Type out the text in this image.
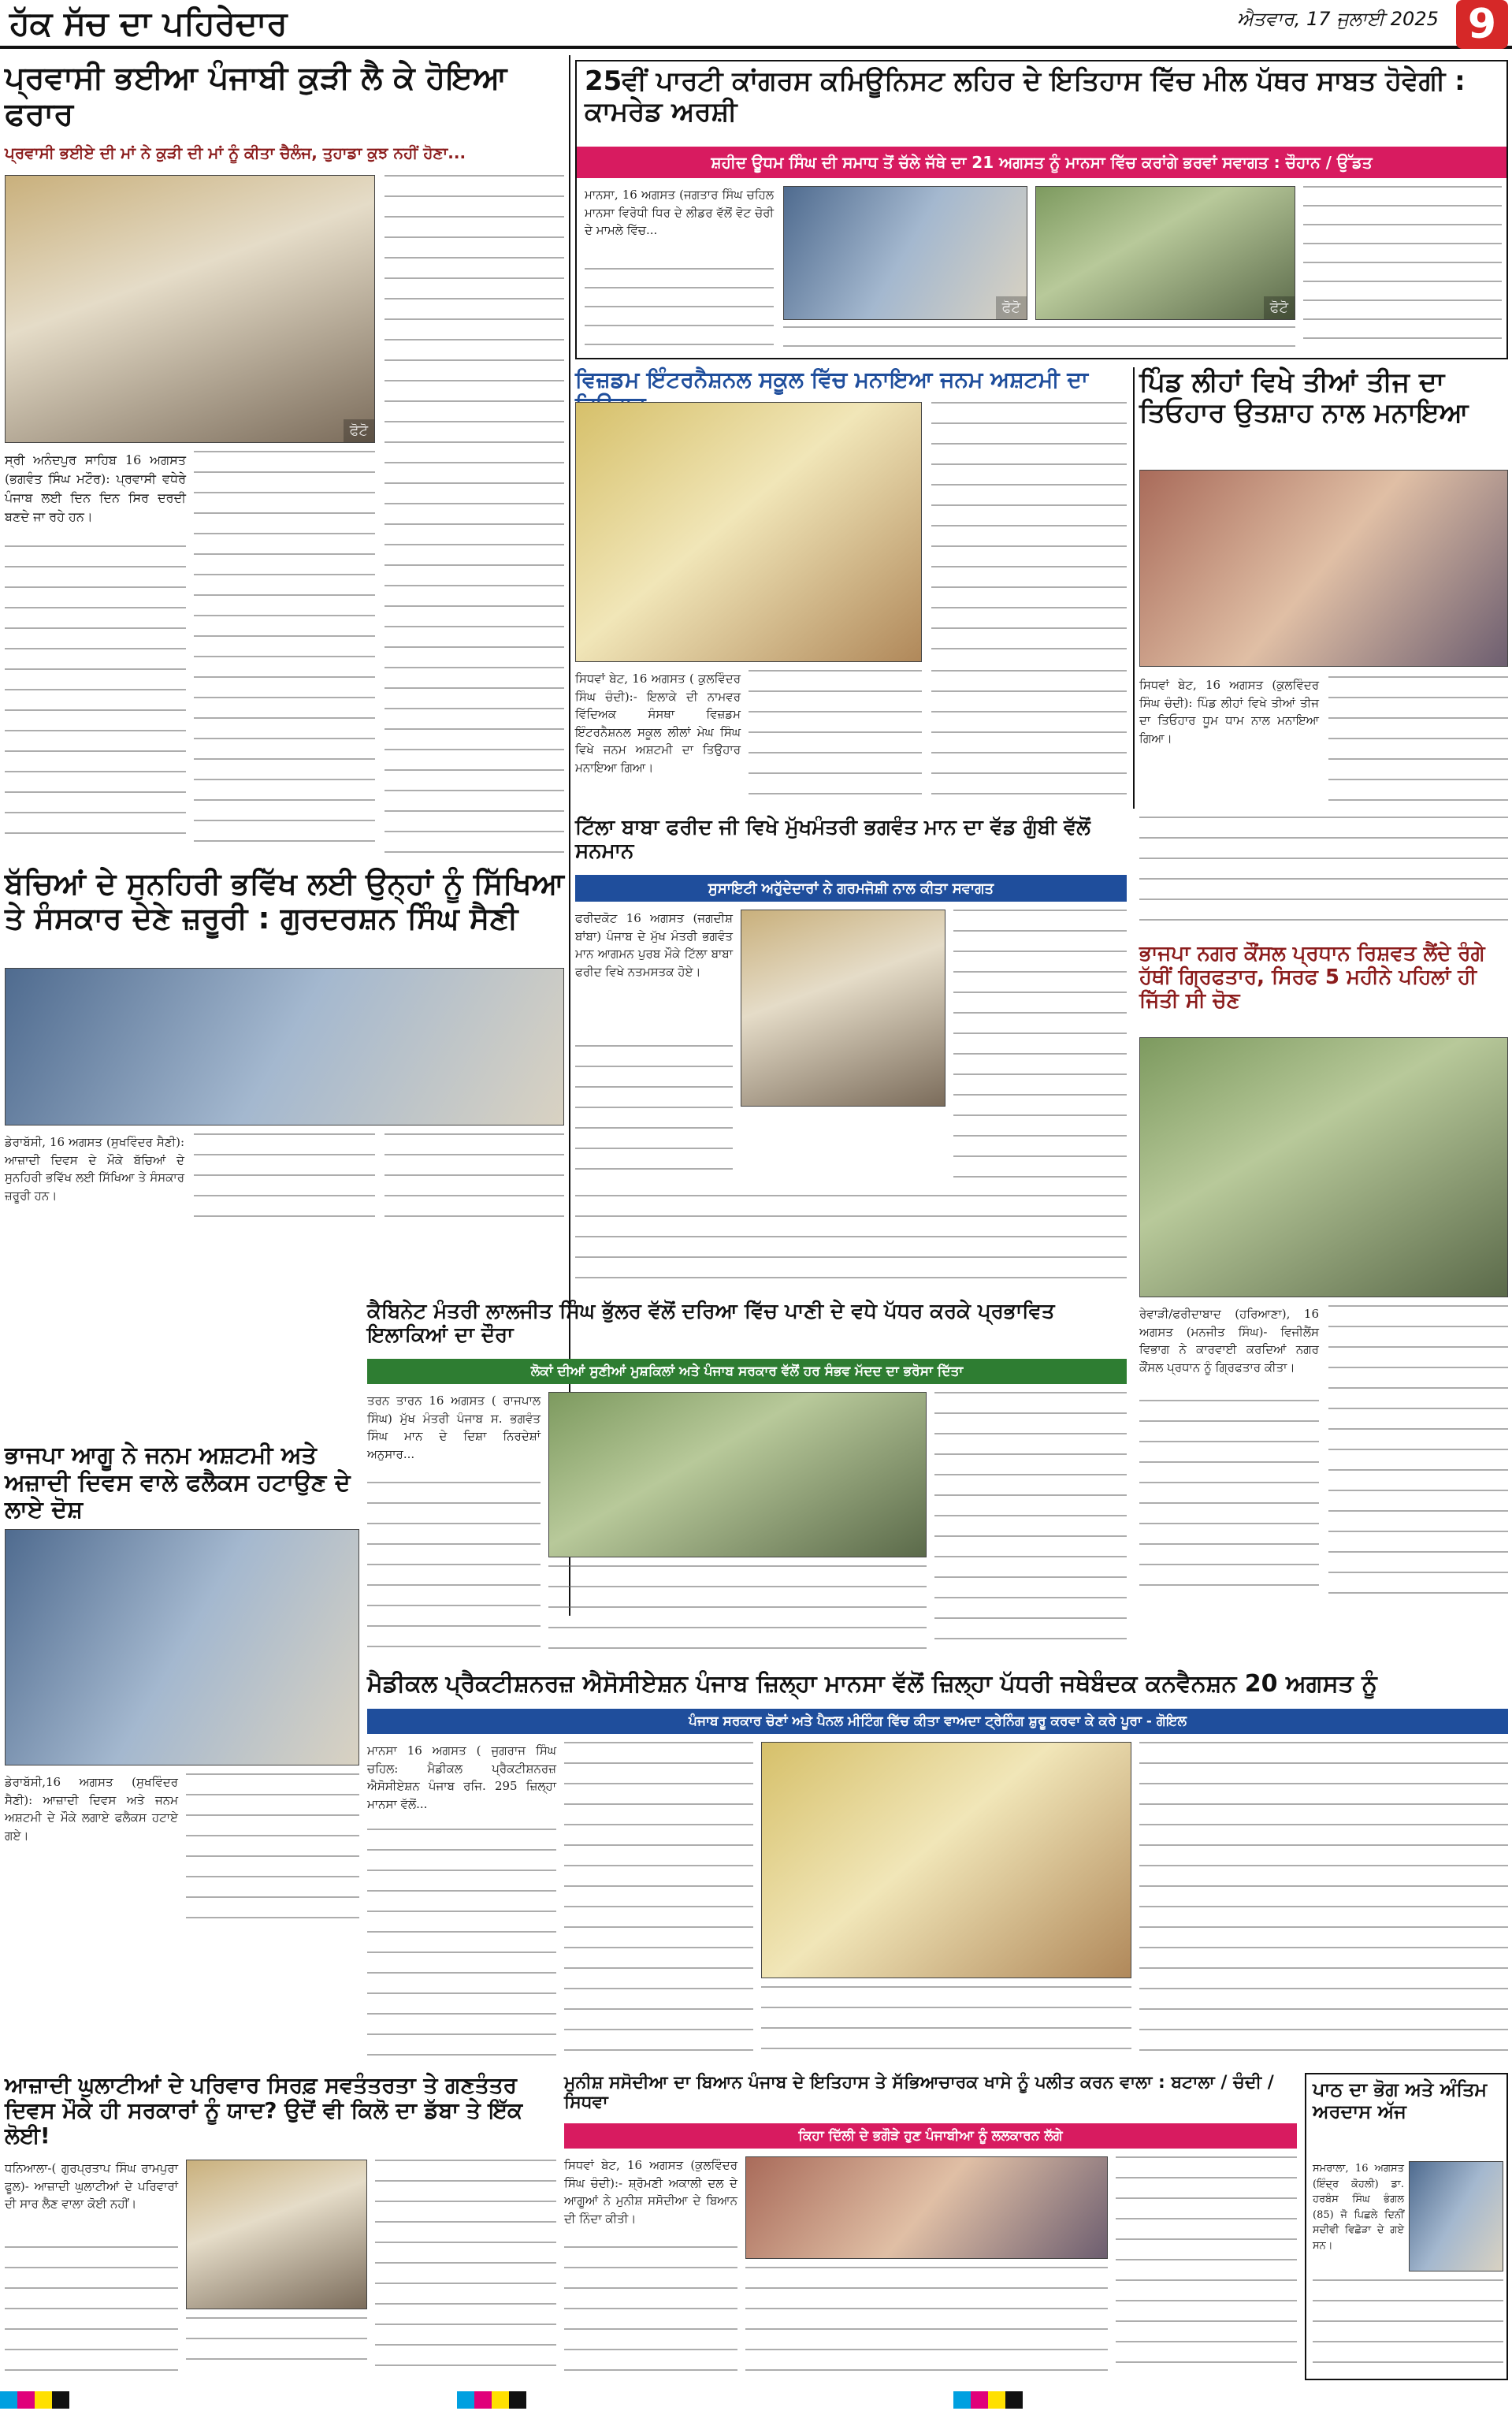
ਹੱਕ ਸੱਚ ਦਾ ਪਹਿਰੇਦਾਰ	ਐਤਵਾਰ, 17 ਜੁਲਾਈ 2025 9
ਪ੍ਰਵਾਸੀ ਭਈਆ ਪੰਜਾਬੀ ਕੁੜੀ ਲੈ ਕੇ ਹੋਇਆ ਫਰਾਰ
ਪ੍ਰਵਾਸੀ ਭਈਏ ਦੀ ਮਾਂ ਨੇ ਕੁੜੀ ਦੀ ਮਾਂ ਨੂੰ ਕੀਤਾ ਚੈਲੰਜ, ਤੁਹਾਡਾ ਕੁਝ ਨਹੀਂ ਹੋਣਾ...
ਫੋਟੋ
ਸ੍ਰੀ ਅਨੰਦਪੁਰ ਸਾਹਿਬ 16 ਅਗਸਤ (ਭਗਵੰਤ ਸਿੰਘ ਮਟੌਰ): ਪ੍ਰਵਾਸੀ ਵਧੇਰੇ ਪੰਜਾਬ ਲਈ ਦਿਨ ਦਿਨ ਸਿਰ ਦਰਦੀ ਬਣਦੇ ਜਾ ਰਹੇ ਹਨ।
25ਵੀਂ ਪਾਰਟੀ ਕਾਂਗਰਸ ਕਮਿਊਨਿਸਟ ਲਹਿਰ ਦੇ ਇਤਿਹਾਸ ਵਿੱਚ ਮੀਲ ਪੱਥਰ ਸਾਬਤ ਹੋਵੇਗੀ : ਕਾਮਰੇਡ ਅਰਸ਼ੀ
ਸ਼ਹੀਦ ਊਧਮ ਸਿੰਘ ਦੀ ਸਮਾਧ ਤੋਂ ਚੱਲੇ ਜੱਥੇ ਦਾ 21 ਅਗਸਤ ਨੂੰ ਮਾਨਸਾ ਵਿੱਚ ਕਰਾਂਗੇ ਭਰਵਾਂ ਸਵਾਗਤ : ਚੌਹਾਨ / ਉੱਡਤ
ਮਾਨਸਾ, 16 ਅਗਸਤ (ਜਗਤਾਰ ਸਿੰਘ ਚਹਿਲ ਮਾਨਸਾ ਵਿਰੋਧੀ ਧਿਰ ਦੇ ਲੀਡਰ ਵੱਲੋਂ ਵੋਟ ਚੋਰੀ ਦੇ ਮਾਮਲੇ ਵਿੱਚ...
ਫੋਟੋ	ਫੋਟੋ
ਵਿਜ਼ਡਮ ਇੰਟਰਨੈਸ਼ਨਲ ਸਕੂਲ ਵਿੱਚ ਮਨਾਇਆ ਜਨਮ ਅਸ਼ਟਮੀ ਦਾ
ਸਿਧਵਾਂ ਬੇਟ, 16 ਅਗਸਤ ( ਕੁਲਵਿੰਦਰ ਸਿੰਘ ਚੰਦੀ):- ਇਲਾਕੇ ਦੀ ਨਾਮਵਰ ਵਿੱਦਿਅਕ ਸੰਸਥਾ ਵਿਜ਼ਡਮ ਇੰਟਰਨੈਸ਼ਨਲ ਸਕੂਲ ਲੀਲਾਂ ਮੇਘ ਸਿੰਘ ਵਿਖੇ ਜਨਮ ਅਸ਼ਟਮੀ ਦਾ ਤਿਉਹਾਰ ਮਨਾਇਆ ਗਿਆ।
ਪਿੰਡ ਲੀਹਾਂ ਵਿਖੇ ਤੀਆਂ ਤੀਜ ਦਾ ਤਿਓਹਾਰ ਉਤਸ਼ਾਹ ਨਾਲ ਮਨਾਇਆ
ਸਿਧਵਾਂ ਬੇਟ, 16 ਅਗਸਤ (ਕੁਲਵਿੰਦਰ ਸਿੰਘ ਚੰਦੀ): ਪਿੰਡ ਲੀਹਾਂ ਵਿਖੇ ਤੀਆਂ ਤੀਜ ਦਾ ਤਿਓਹਾਰ ਧੂਮ ਧਾਮ ਨਾਲ ਮਨਾਇਆ ਗਿਆ।
ਬੱਚਿਆਂ ਦੇ ਸੁਨਹਿਰੀ ਭਵਿੱਖ ਲਈ ਉਨ੍ਹਾਂ ਨੂੰ ਸਿੱਖਿਆ ਤੇ ਸੰਸਕਾਰ ਦੇਣੇ ਜ਼ਰੂਰੀ : ਗੁਰਦਰਸ਼ਨ ਸਿੰਘ ਸੈਣੀ
ਡੇਰਾਬੱਸੀ, 16 ਅਗਸਤ (ਸੁਖਵਿੰਦਰ ਸੈਣੀ): ਆਜ਼ਾਦੀ ਦਿਵਸ ਦੇ ਮੌਕੇ ਬੱਚਿਆਂ ਦੇ ਸੁਨਹਿਰੀ ਭਵਿੱਖ ਲਈ ਸਿੱਖਿਆ ਤੇ ਸੰਸਕਾਰ ਜ਼ਰੂਰੀ ਹਨ।
ਟਿੱਲਾ ਬਾਬਾ ਫਰੀਦ ਜੀ ਵਿਖੇ ਮੁੱਖਮੰਤਰੀ ਭਗਵੰਤ ਮਾਨ ਦਾ ਵੱਡ ਗੁੰਬੀ ਵੱਲੋਂ ਸਨਮਾਨ
ਸੁਸਾਇਟੀ ਅਹੁੱਦੇਦਾਰਾਂ ਨੇ ਗਰਮਜੋਸ਼ੀ ਨਾਲ ਕੀਤਾ ਸਵਾਗਤ
ਫਰੀਦਕੋਟ 16 ਅਗਸਤ (ਜਗਦੀਸ਼ ਬਾਂਬਾ) ਪੰਜਾਬ ਦੇ ਮੁੱਖ ਮੰਤਰੀ ਭਗਵੰਤ ਮਾਨ ਆਗਮਨ ਪੁਰਬ ਮੌਕੇ ਟਿੱਲਾ ਬਾਬਾ ਫਰੀਦ ਵਿਖੇ ਨਤਮਸਤਕ ਹੋਏ।
ਭਾਜਪਾ ਨਗਰ ਕੌਂਸਲ ਪ੍ਰਧਾਨ ਰਿਸ਼ਵਤ ਲੈਂਦੇ ਰੰਗੇ ਹੱਥੀਂ ਗ੍ਰਿਫਤਾਰ, ਸਿਰਫ 5 ਮਹੀਨੇ ਪਹਿਲਾਂ ਹੀ ਜਿੱਤੀ ਸੀ ਚੋਣ
ਰੇਵਾੜੀ/ਫਰੀਦਾਬਾਦ (ਹਰਿਆਣਾ), 16 ਅਗਸਤ (ਮਨਜੀਤ ਸਿੰਘ)- ਵਿਜੀਲੈਂਸ ਵਿਭਾਗ ਨੇ ਕਾਰਵਾਈ ਕਰਦਿਆਂ ਨਗਰ ਕੌਂਸਲ ਪ੍ਰਧਾਨ ਨੂੰ ਗ੍ਰਿਫਤਾਰ ਕੀਤਾ।
ਭਾਜਪਾ ਆਗੂ ਨੇ ਜਨਮ ਅਸ਼ਟਮੀ ਅਤੇ ਅਜ਼ਾਦੀ ਦਿਵਸ ਵਾਲੇ ਫਲੈਕਸ ਹਟਾਉਣ ਦੇ ਲਾਏ ਦੋਸ਼
ਡੇਰਾਬੱਸੀ,16 ਅਗਸਤ (ਸੁਖਵਿੰਦਰ ਸੈਣੀ): ਆਜ਼ਾਦੀ ਦਿਵਸ ਅਤੇ ਜਨਮ ਅਸ਼ਟਮੀ ਦੇ ਮੌਕੇ ਲਗਾਏ ਫਲੈਕਸ ਹਟਾਏ ਗਏ।
ਕੈਬਿਨੇਟ ਮੰਤਰੀ ਲਾਲਜੀਤ ਸਿੰਘ ਭੁੱਲਰ ਵੱਲੋਂ ਦਰਿਆ ਵਿੱਚ ਪਾਣੀ ਦੇ ਵਧੇ ਪੱਧਰ ਕਰਕੇ ਪ੍ਰਭਾਵਿਤ ਇਲਾਕਿਆਂ ਦਾ ਦੌਰਾ
ਲੋਕਾਂ ਦੀਆਂ ਸੁਣੀਆਂ ਮੁਸ਼ਕਿਲਾਂ ਅਤੇ ਪੰਜਾਬ ਸਰਕਾਰ ਵੱਲੋਂ ਹਰ ਸੰਭਵ ਮੱਦਦ ਦਾ ਭਰੋਸਾ ਦਿੱਤਾ
ਤਰਨ ਤਾਰਨ 16 ਅਗਸਤ ( ਰਾਜਪਾਲ ਸਿੰਘ) ਮੁੱਖ ਮੰਤਰੀ ਪੰਜਾਬ ਸ. ਭਗਵੰਤ ਸਿੰਘ ਮਾਨ ਦੇ ਦਿਸ਼ਾ ਨਿਰਦੇਸ਼ਾਂ ਅਨੁਸਾਰ...
ਮੈਡੀਕਲ ਪ੍ਰੈਕਟੀਸ਼ਨਰਜ਼ ਐਸੋਸੀਏਸ਼ਨ ਪੰਜਾਬ ਜ਼ਿਲ੍ਹਾ ਮਾਨਸਾ ਵੱਲੋਂ ਜ਼ਿਲ੍ਹਾ ਪੱਧਰੀ ਜਥੇਬੰਦਕ ਕਨਵੈਨਸ਼ਨ 20 ਅਗਸਤ ਨੂੰ
ਪੰਜਾਬ ਸਰਕਾਰ ਚੋਣਾਂ ਅਤੇ ਪੈਨਲ ਮੀਟਿੰਗ ਵਿੱਚ ਕੀਤਾ ਵਾਅਦਾ ਟ੍ਰੇਨਿੰਗ ਸ਼ੁਰੂ ਕਰਵਾ ਕੇ ਕਰੇ ਪੂਰਾ - ਗੋਇਲ
ਮਾਨਸਾ 16 ਅਗਸਤ ( ਜੁਗਰਾਜ ਸਿੰਘ ਚਹਿਲ: ਮੈਡੀਕਲ ਪ੍ਰੈਕਟੀਸ਼ਨਰਜ਼ ਐਸੋਸੀਏਸ਼ਨ ਪੰਜਾਬ ਰਜਿ. 295 ਜ਼ਿਲ੍ਹਾ ਮਾਨਸਾ ਵੱਲੋਂ...
ਆਜ਼ਾਦੀ ਘੁਲਾਟੀਆਂ ਦੇ ਪਰਿਵਾਰ ਸਿਰਫ਼ ਸਵਤੰਤਰਤਾ ਤੇ ਗਣਤੰਤਰ ਦਿਵਸ ਮੌਕੇ ਹੀ ਸਰਕਾਰਾਂ ਨੂੰ ਯਾਦ? ਉਦੋਂ ਵੀ ਕਿਲੋ ਦਾ ਡੱਬਾ ਤੇ ਇੱਕ ਲੋਈ!
ਧਨਿਆਲਾ-( ਗੁਰਪ੍ਰਤਾਪ ਸਿੰਘ ਰਾਮਪੁਰਾ ਫੂਲ)- ਆਜ਼ਾਦੀ ਘੁਲਾਟੀਆਂ ਦੇ ਪਰਿਵਾਰਾਂ ਦੀ ਸਾਰ ਲੈਣ ਵਾਲਾ ਕੋਈ ਨਹੀਂ।
ਮੁਨੀਸ਼ ਸਸੋਦੀਆ ਦਾ ਬਿਆਨ ਪੰਜਾਬ ਦੇ ਇਤਿਹਾਸ ਤੇ ਸੱਭਿਆਚਾਰਕ ਖਾਸੇ ਨੂੰ ਪਲੀਤ ਕਰਨ ਵਾਲਾ : ਬਟਾਲਾ / ਚੰਦੀ / ਸਿਧਵਾ
ਕਿਹਾ ਦਿੱਲੀ ਦੇ ਭਗੌੜੇ ਹੁਣ ਪੰਜਾਬੀਆ ਨੂੰ ਲਲਕਾਰਨ ਲੱਗੇ
ਸਿਧਵਾਂ ਬੇਟ, 16 ਅਗਸਤ (ਕੁਲਵਿੰਦਰ ਸਿੰਘ ਚੰਦੀ):- ਸ਼੍ਰੋਮਣੀ ਅਕਾਲੀ ਦਲ ਦੇ ਆਗੂਆਂ ਨੇ ਮੁਨੀਸ਼ ਸਸੋਦੀਆ ਦੇ ਬਿਆਨ ਦੀ ਨਿੰਦਾ ਕੀਤੀ।
ਪਾਠ ਦਾ ਭੋਗ ਅਤੇ ਅੰਤਿਮ ਅਰਦਾਸ ਅੱਜ
ਸਮਰਾਲਾ, 16 ਅਗਸਤ (ਇੰਦ੍ਰ ਕੋਹਲੀ) ਡਾ. ਹਰਬੰਸ ਸਿੰਘ ਭੰਗਲ (85) ਜੋ ਪਿਛਲੇ ਦਿਨੀਂ ਸਦੀਵੀ ਵਿਛੋੜਾ ਦੇ ਗਏ ਸਨ।
